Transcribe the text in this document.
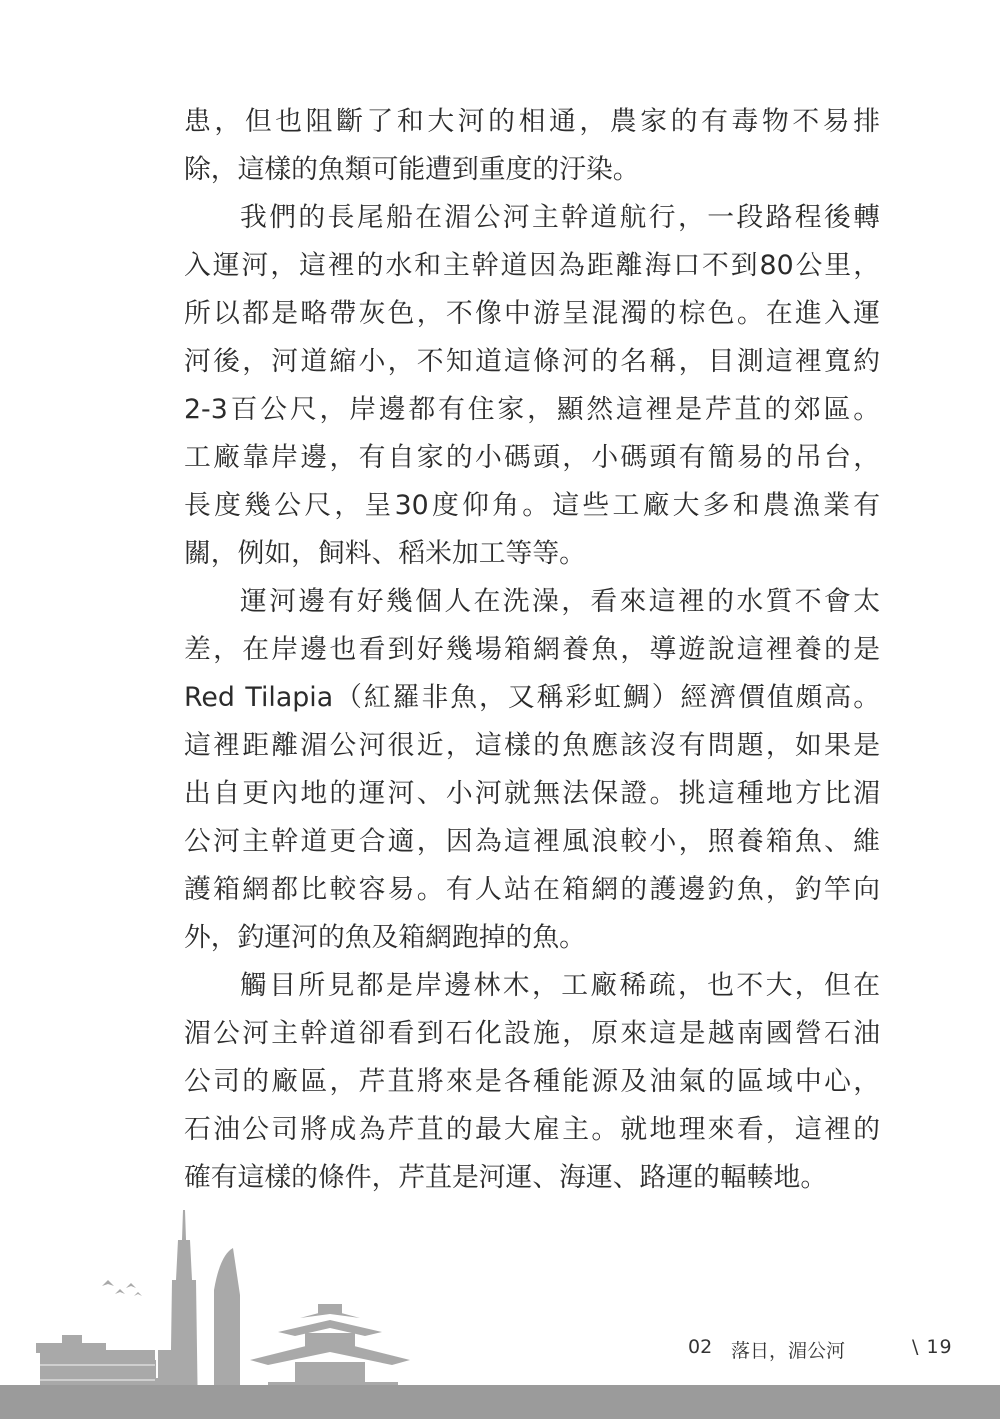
患，但也阻斷了和大河的相通，農家的有毒物不易排
除，這樣的魚類可能遭到重度的汙染。
我們的長尾船在湄公河主幹道航行，一段路程後轉
入運河，這裡的水和主幹道因為距離海口不到80公里，
所以都是略帶灰色，不像中游呈混濁的棕色。在進入運
河後，河道縮小，不知道這條河的名稱，目測這裡寬約
2-3百公尺，岸邊都有住家，顯然這裡是芹苴的郊區。
工廠靠岸邊，有自家的小碼頭，小碼頭有簡易的吊台，
長度幾公尺，呈30度仰角。這些工廠大多和農漁業有
關，例如，飼料、稻米加工等等。
運河邊有好幾個人在洗澡，看來這裡的水質不會太
差，在岸邊也看到好幾場箱網養魚，導遊說這裡養的是
Red Tilapia（紅羅非魚，又稱彩虹鯛）經濟價值頗高。
這裡距離湄公河很近，這樣的魚應該沒有問題，如果是
出自更內地的運河、小河就無法保證。挑這種地方比湄
公河主幹道更合適，因為這裡風浪較小，照養箱魚、維
護箱網都比較容易。有人站在箱網的護邊釣魚，釣竿向
外，釣運河的魚及箱網跑掉的魚。
觸目所見都是岸邊林木，工廠稀疏，也不大，但在
湄公河主幹道卻看到石化設施，原來這是越南國營石油
公司的廠區，芹苴將來是各種能源及油氣的區域中心，
石油公司將成為芹苴的最大雇主。就地理來看，這裡的
確有這樣的條件，芹苴是河運、海運、路運的輻輳地。
02 落日，湄公河	\ 19
